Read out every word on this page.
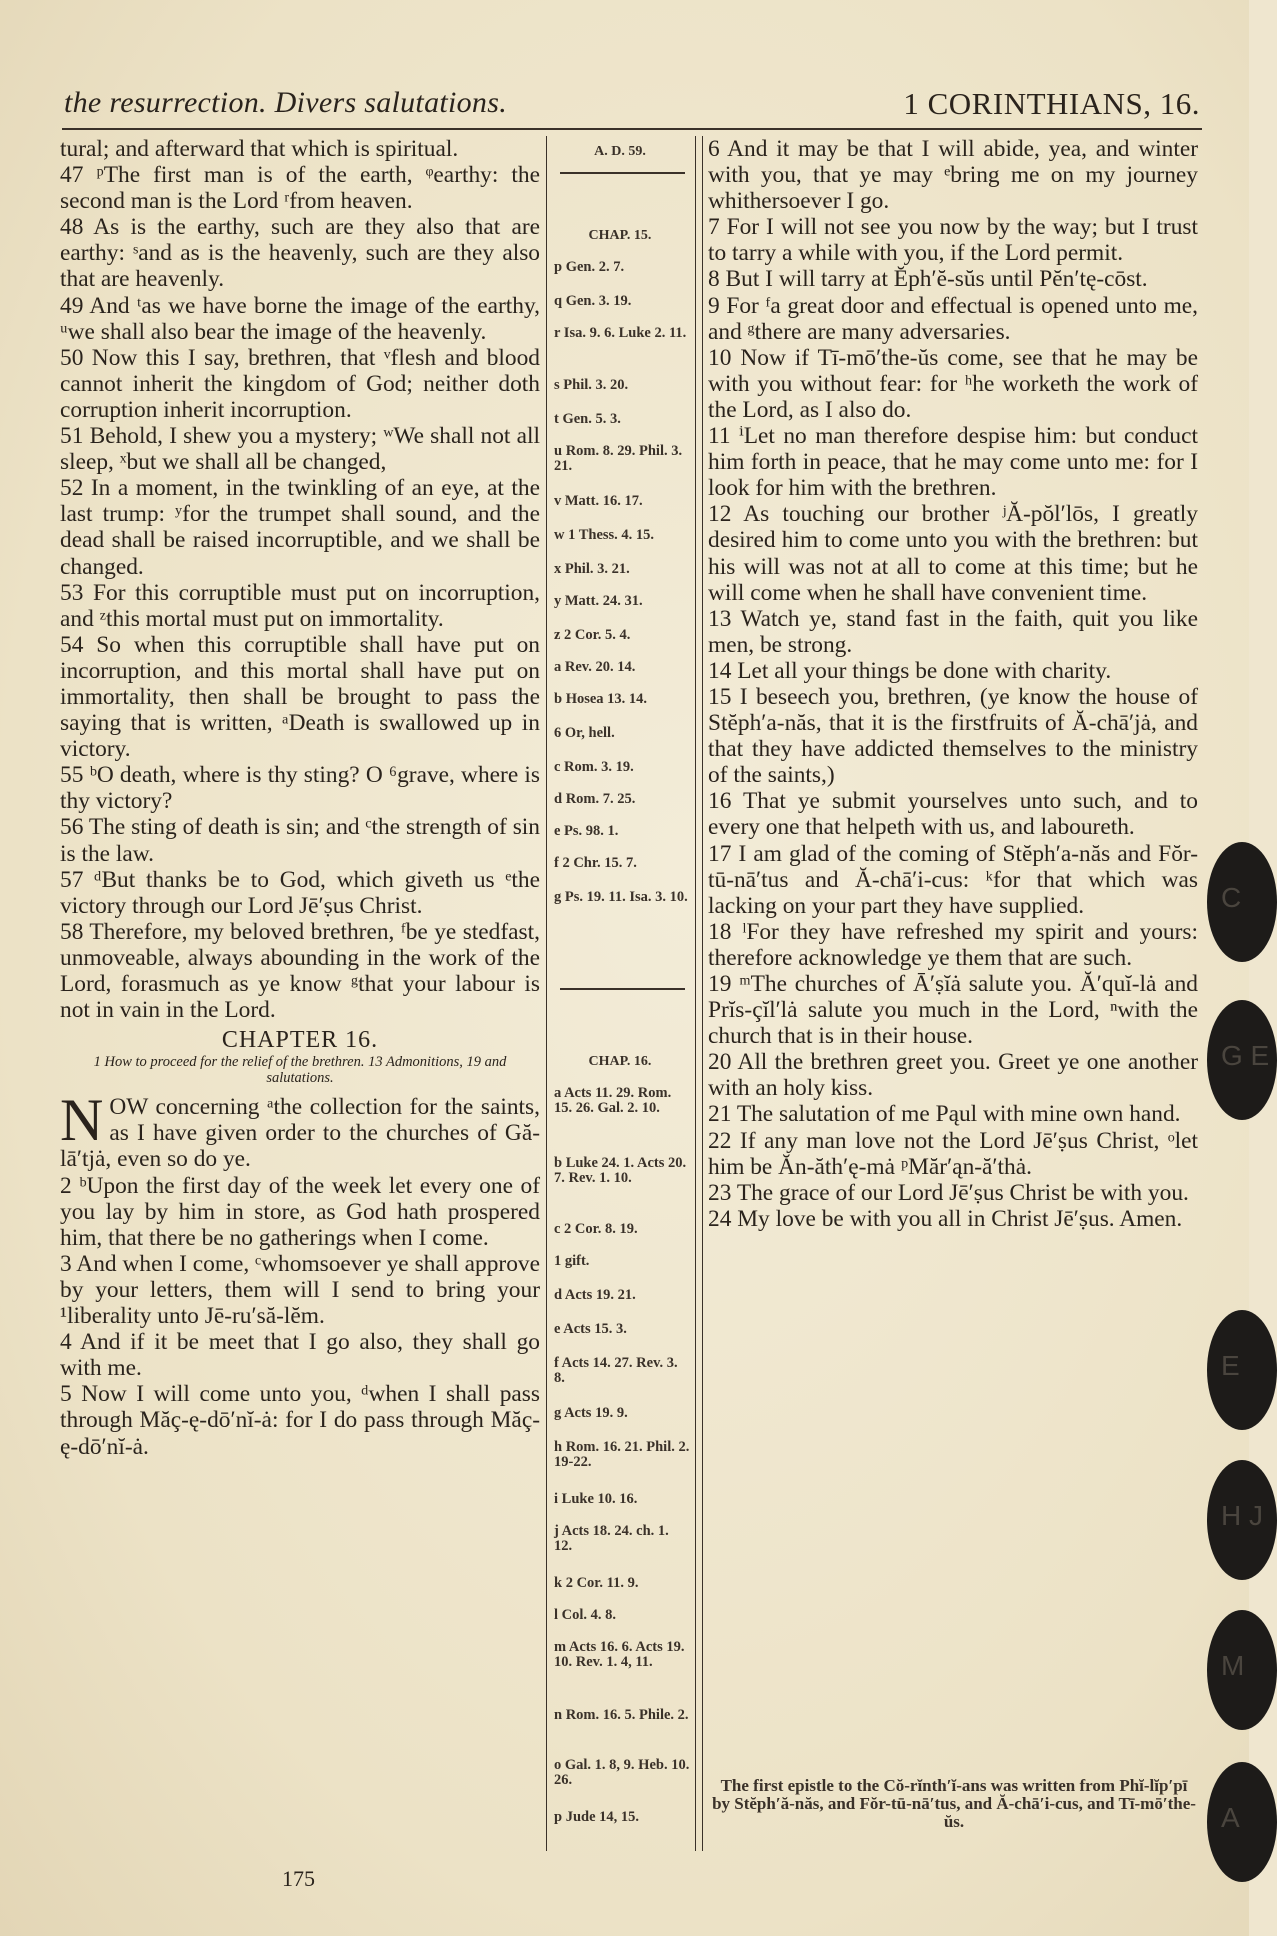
the resurrection. Divers salutations.	1 CORINTHIANS, 16.

tural; and afterward that which is spiritual.

47 ᵖThe first man is of the earth, ᵠearthy: the second man is the Lord ʳfrom heaven.

48 As is the earthy, such are they also that are earthy: ˢand as is the heavenly, such are they also that are heavenly.

49 And ᵗas we have borne the image of the earthy, ᵘwe shall also bear the image of the heavenly.

50 Now this I say, brethren, that ᵛflesh and blood cannot inherit the kingdom of God; neither doth corruption inherit incorruption.

51 Behold, I shew you a mystery; ʷWe shall not all sleep, ˣbut we shall all be changed,

52 In a moment, in the twinkling of an eye, at the last trump: ʸfor the trumpet shall sound, and the dead shall be raised incorruptible, and we shall be changed.

53 For this corruptible must put on incorruption, and ᶻthis mortal must put on immortality.

54 So when this corruptible shall have put on incorruption, and this mortal shall have put on immortality, then shall be brought to pass the saying that is written, ᵃDeath is swallowed up in victory.

55 ᵇO death, where is thy sting? O ⁶grave, where is thy victory?

56 The sting of death is sin; and ᶜthe strength of sin is the law.

57 ᵈBut thanks be to God, which giveth us ᵉthe victory through our Lord Jē′ṣus Christ.

58 Therefore, my beloved brethren, ᶠbe ye stedfast, unmoveable, always abounding in the work of the Lord, forasmuch as ye know ᵍthat your labour is not in vain in the Lord.

CHAPTER 16.
1 How to proceed for the relief of the brethren. 13 Admonitions, 19 and salutations.

NOW concerning ᵃthe collection for the saints, as I have given order to the churches of Gă-lā′tjȧ, even so do ye.

2 ᵇUpon the first day of the week let every one of you lay by him in store, as God hath prospered him, that there be no gatherings when I come.

3 And when I come, ᶜwhomsoever ye shall approve by your letters, them will I send to bring your ¹liberality unto Jē-ru′să-lĕm.

4 And if it be meet that I go also, they shall go with me.

5 Now I will come unto you, ᵈwhen I shall pass through Măç-ę-dō′nĭ-ȧ: for I do pass through Măç-ę-dō′nĭ-ȧ.

A. D. 59.
CHAP. 15.
p Gen. 2. 7.
q Gen. 3. 19.
r Isa. 9. 6. Luke 2. 11.
s Phil. 3. 20.
t Gen. 5. 3.
u Rom. 8. 29. Phil. 3. 21.
v Matt. 16. 17.
w 1 Thess. 4. 15.
x Phil. 3. 21.
y Matt. 24. 31.
z 2 Cor. 5. 4.
a Rev. 20. 14.
b Hosea 13. 14.
6 Or, hell.
c Rom. 3. 19.
d Rom. 7. 25.
e Ps. 98. 1.
f 2 Chr. 15. 7.
g Ps. 19. 11. Isa. 3. 10.
CHAP. 16.
a Acts 11. 29. Rom. 15. 26. Gal. 2. 10.
b Luke 24. 1. Acts 20. 7. Rev. 1. 10.
c 2 Cor. 8. 19.
1 gift.
d Acts 19. 21.
e Acts 15. 3.
f Acts 14. 27. Rev. 3. 8.
g Acts 19. 9.
h Rom. 16. 21. Phil. 2. 19-22.
i Luke 10. 16.
j Acts 18. 24. ch. 1. 12.
k 2 Cor. 11. 9.
l Col. 4. 8.
m Acts 16. 6. Acts 19. 10. Rev. 1. 4, 11.
n Rom. 16. 5. Phile. 2.
o Gal. 1. 8, 9. Heb. 10. 26.
p Jude 14, 15.

6 And it may be that I will abide, yea, and winter with you, that ye may ᵉbring me on my journey whithersoever I go.

7 For I will not see you now by the way; but I trust to tarry a while with you, if the Lord permit.

8 But I will tarry at Ĕph′ĕ-sŭs until Pĕn′tę-cōst.

9 For ᶠa great door and effectual is opened unto me, and ᵍthere are many adversaries.

10 Now if Tī-mō′the-ŭs come, see that he may be with you without fear: for ʰhe worketh the work of the Lord, as I also do.

11 ⁱLet no man therefore despise him: but conduct him forth in peace, that he may come unto me: for I look for him with the brethren.

12 As touching our brother ʲĂ-pŏl′lōs, I greatly desired him to come unto you with the brethren: but his will was not at all to come at this time; but he will come when he shall have convenient time.

13 Watch ye, stand fast in the faith, quit you like men, be strong.

14 Let all your things be done with charity.

15 I beseech you, brethren, (ye know the house of Stĕph′a-năs, that it is the firstfruits of Ă-chā′jȧ, and that they have addicted themselves to the ministry of the saints,)

16 That ye submit yourselves unto such, and to every one that helpeth with us, and laboureth.

17 I am glad of the coming of Stĕph′a-năs and Fŏr-tū-nā′tus and Ă-chā′i-cus: ᵏfor that which was lacking on your part they have supplied.

18 ˡFor they have refreshed my spirit and yours: therefore acknowledge ye them that are such.

19 ᵐThe churches of Ā′ṣĭȧ salute you. Ă′quĭ-lȧ and Prĭs-çĭl′lȧ salute you much in the Lord, ⁿwith the church that is in their house.

20 All the brethren greet you. Greet ye one another with an holy kiss.

21 The salutation of me Pąul with mine own hand.

22 If any man love not the Lord Jē′ṣus Christ, ᵒlet him be Ăn-ăth′ę-mȧ ᵖMăr′ąn-ă′thȧ.

23 The grace of our Lord Jē′ṣus Christ be with you.

24 My love be with you all in Christ Jē′ṣus. Amen.

The first epistle to the Cŏ-rĭnth′ĭ-ans was written from Phĭ-lĭp′pī by Stĕph′ă-năs, and Fŏr-tū-nā′tus, and Ă-chā′i-cus, and Tī-mō′the-ŭs.
175
C
G E
E
H J
M
A
